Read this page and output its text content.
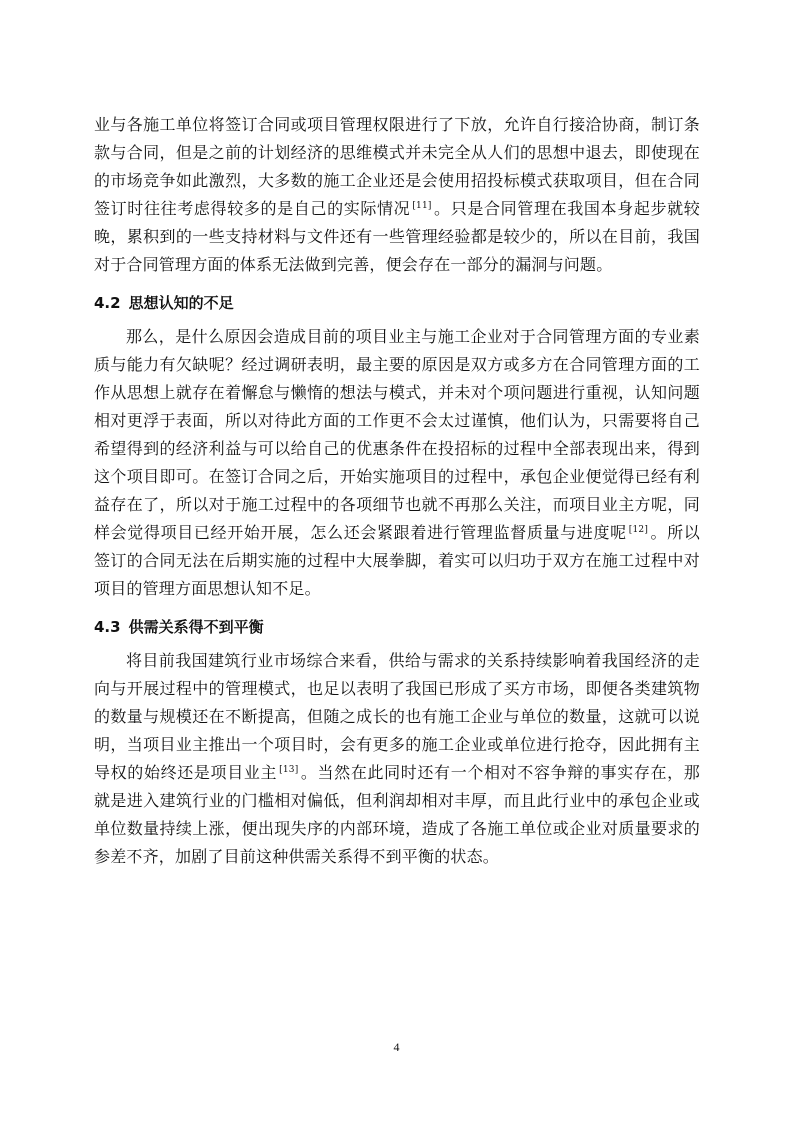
业与各施工单位将签订合同或项目管理权限进行了下放，允许自行接洽协商，制订条款与合同，但是之前的计划经济的思维模式并未完全从人们的思想中退去，即使现在的市场竞争如此激烈，大多数的施工企业还是会使用招投标模式获取项目，但在合同签订时往往考虑得较多的是自己的实际情况 [11] 。只是合同管理在我国本身起步就较晚，累积到的一些支持材料与文件还有一些管理经验都是较少的，所以在目前，我国对于合同管理方面的体系无法做到完善，便会存在一部分的漏洞与问题。

4.2 思想认知的不足

那么，是什么原因会造成目前的项目业主与施工企业对于合同管理方面的专业素质与能力有欠缺呢？经过调研表明，最主要的原因是双方或多方在合同管理方面的工作从思想上就存在着懈怠与懒惰的想法与模式，并未对个项问题进行重视，认知问题相对更浮于表面，所以对待此方面的工作更不会太过谨慎，他们认为，只需要将自己希望得到的经济利益与可以给自己的优惠条件在投招标的过程中全部表现出来，得到这个项目即可。在签订合同之后，开始实施项目的过程中，承包企业便觉得已经有利益存在了，所以对于施工过程中的各项细节也就不再那么关注，而项目业主方呢，同样会觉得项目已经开始开展，怎么还会紧跟着进行管理监督质量与进度呢 [12] 。所以签订的合同无法在后期实施的过程中大展拳脚，着实可以归功于双方在施工过程中对项目的管理方面思想认知不足。

4.3 供需关系得不到平衡

将目前我国建筑行业市场综合来看，供给与需求的关系持续影响着我国经济的走向与开展过程中的管理模式，也足以表明了我国已形成了买方市场，即便各类建筑物的数量与规模还在不断提高，但随之成长的也有施工企业与单位的数量，这就可以说明，当项目业主推出一个项目时，会有更多的施工企业或单位进行抢夺，因此拥有主导权的始终还是项目业主 [13] 。当然在此同时还有一个相对不容争辩的事实存在，那就是进入建筑行业的门槛相对偏低，但利润却相对丰厚，而且此行业中的承包企业或单位数量持续上涨，便出现失序的内部环境，造成了各施工单位或企业对质量要求的参差不齐，加剧了目前这种供需关系得不到平衡的状态。

4
